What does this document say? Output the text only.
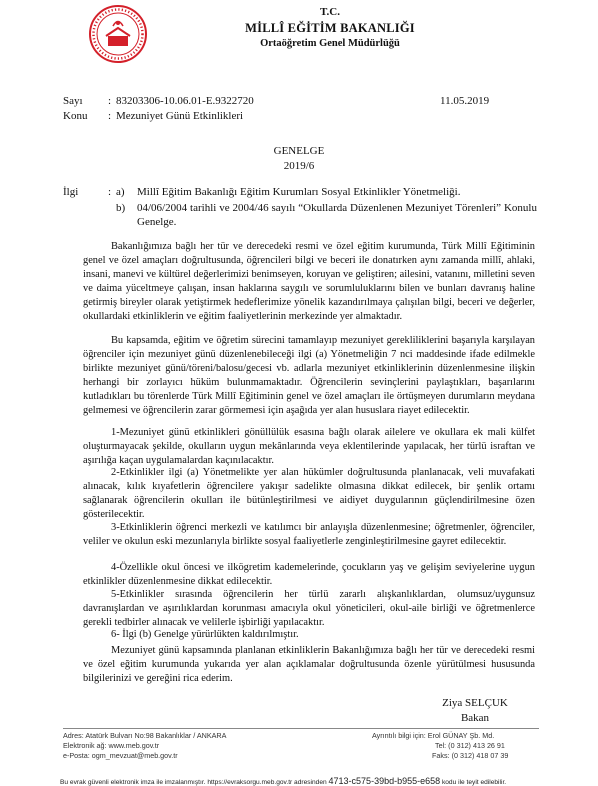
T.C.
MİLLÎ EĞİTİM BAKANLIĞI
Ortaöğretim Genel Müdürlüğü
Sayı : 83203306-10.06.01-E.9322720	11.05.2019
Konu : Mezuniyet Günü Etkinlikleri
GENELGE
2019/6
İlgi	: a) Millî Eğitim Bakanlığı Eğitim Kurumları Sosyal Etkinlikler Yönetmeliği.
b) 04/06/2004 tarihli ve 2004/46 sayılı “Okullarda Düzenlenen Mezuniyet Törenleri” Konulu Genelge.

Bakanlığımıza bağlı her tür ve derecedeki resmi ve özel eğitim kurumunda, Türk Millî Eğitiminin genel ve özel amaçları doğrultusunda, öğrencileri bilgi ve beceri ile donatırken aynı zamanda millî, ahlaki, insani, manevi ve kültürel değerlerimizi benimseyen, koruyan ve geliştiren; ailesini, vatanını, milletini seven ve daima yüceltmeye çalışan, insan haklarına saygılı ve sorumluluklarını bilen ve bunları davranış haline getirmiş bireyler olarak yetiştirmek hedeflerimize yönelik kazandırılmaya çalışılan bilgi, beceri ve değerler, okullardaki etkinliklerin ve eğitim faaliyetlerinin merkezinde yer almaktadır.

Bu kapsamda, eğitim ve öğretim sürecini tamamlayıp mezuniyet gerekliliklerini başarıyla karşılayan öğrenciler için mezuniyet günü düzenlenebileceği ilgi (a) Yönetmeliğin 7 nci maddesinde ifade edilmekle birlikte mezuniyet günü/töreni/balosu/gecesi vb. adlarla mezuniyet etkinliklerinin düzenlenmesine ilişkin herhangi bir zorlayıcı hüküm bulunmamaktadır. Öğrencilerin sevinçlerini paylaştıkları, başarılarını kutladıkları bu törenlerde Türk Millî Eğitiminin genel ve özel amaçları ile örtüşmeyen durumların meydana gelmemesi ve öğrencilerin zarar görmemesi için aşağıda yer alan hususlara riayet edilecektir.

1-Mezuniyet günü etkinlikleri gönüllülük esasına bağlı olarak ailelere ve okullara ek mali külfet oluşturmayacak şekilde, okulların uygun mekânlarında veya eklentilerinde yapılacak, her türlü israftan ve aşırılığa kaçan uygulamalardan kaçınılacaktır.

2-Etkinlikler ilgi (a) Yönetmelikte yer alan hükümler doğrultusunda planlanacak, veli muvafakati alınacak, kılık kıyafetlerin öğrencilere yakışır sadelikte olmasına dikkat edilecek, bir şenlik ortamı sağlanarak öğrencilerin okulları ile bütünleştirilmesi ve aidiyet duygularının güçlendirilmesine özen gösterilecektir.

3-Etkinliklerin öğrenci merkezli ve katılımcı bir anlayışla düzenlenmesine; öğretmenler, öğrenciler, veliler ve okulun eski mezunlarıyla birlikte sosyal faaliyetlerle zenginleştirilmesine gayret edilecektir.

4-Özellikle okul öncesi ve ilkögretim kademelerinde, çocukların yaş ve gelişim seviyelerine uygun etkinlikler düzenlenmesine dikkat edilecektir.

5-Etkinlikler sırasında öğrencilerin her türlü zararlı alışkanlıklardan, olumsuz/uygunsuz davranışlardan ve aşırılıklardan korunması amacıyla okul yöneticileri, okul-aile birliği ve öğretmenlerce gerekli tedbirler alınacak ve velilerle işbirliği yapılacaktır.

6- İlgi (b) Genelge yürürlükten kaldırılmıştır.

Mezuniyet günü kapsamında planlanan etkinliklerin Bakanlığımıza bağlı her tür ve derecedeki resmi ve özel eğitim kurumunda yukarıda yer alan açıklamalar doğrultusunda özenle yürütülmesi hususunda bilgilerinizi ve gereğini rica ederim.

Ziya SELÇUK
Bakan
Adres: Atatürk Bulvarı No:98 Bakanlıklar / ANKARA
Elektronik ağ: www.meb.gov.tr
e-Posta: ogm_mevzuat@meb.gov.tr
Ayrıntılı bilgi için: Erol GÜNAY Şb. Md.
Tel: (0 312) 413 26 91
Faks: (0 312) 418 07 39
Bu evrak güvenli elektronik imza ile imzalanmıştır. https://evraksorgu.meb.gov.tr adresinden 4713-c575-39bd-b955-e658 kodu ile teyit edilebilir.
